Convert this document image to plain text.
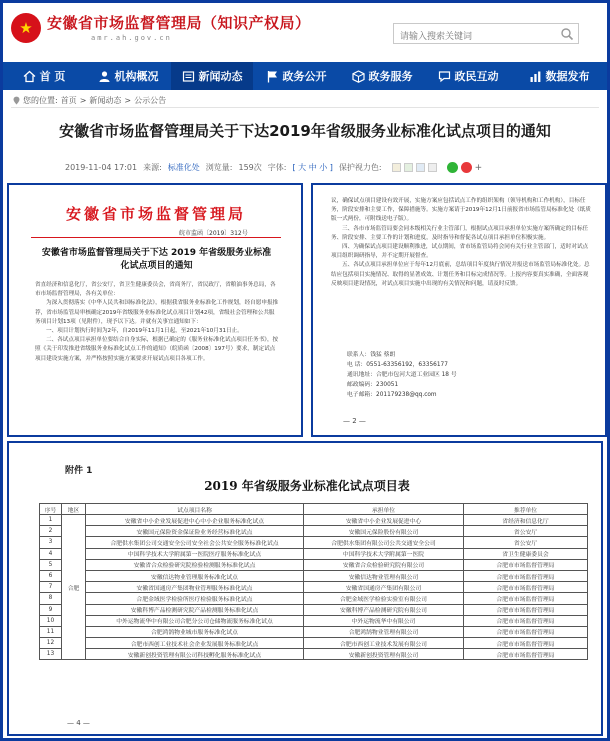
★ 安徽省市场监督管理局（知识产权局）
amr.ah.gov.cn
请输入搜索关键词
首 页	机构概况	新闻动态	政务公开	政务服务	政民互动	数据发布
您的位置: 首页 > 新闻动态 > 公示公告
安徽省市场监督管理局关于下达2019年省级服务业标准化试点项目的通知
2019-11-04 17:01 来源: 标准化处 浏览量: 159次 字体: [ 大 中 小 ] 保护视力色:	+
安徽省市场监督管理局
皖市监函〔2019〕312号
安徽省市场监督管理局关于下达 2019 年省级服务业标准化试点项目的通知

省直经济和信息化厅，省公安厅，省卫生健康委员会，省商务厅，省民政厅，省粮油事务总局，各市市场监督管理局，各有关单位：

为深入贯彻落实《中华人民共和国标准化法》，根据我省服务业标准化工作规划，经自愿申报推荐，省市场监管局审核确定2019年省级服务业标准化试点项目计划42项，省级社会管理和公共服务项目计划13项（见附件），现予以下达。并就有关事宜通知如下：

一、项目计划执行时间为2年，自2019年11月1日起，至2021年10月31日止。

二、各试点项目承担单位要结合自身实际，根据已确定的《服务业标准化试点项目任务书》，按照《关于印发推进省级服务业标准化试点工作的通知》（皖质函〔2008〕197号）要求，制定试点项目建设实施方案，并严格按照实施方案要求开展试点项目各项工作。

议，确保试点项目建设有效开展，实施方案应包括试点工作的组织架构（领导机构和工作机构），目标任务，阶段安排和主要工作，保障措施等。实施方案请于2019年12月1日前报省市场监管局标准化处（纸质版一式两份，可附线送电子版）。

三、各市市场监管局要会同本级相关行业主管部门，根据试点项目承担单位实施方案所确定的目标任务、阶段安排、主要工作的计划和进度，及时指导和督促各试点项目承担单位积极实施。

四、为确保试点项目建设顺利推进，试点期间，省市场监管局将会同有关行业主管部门，适时对试点项目组织调研指导，并不定期开展督查。

五、各试点项目承担单位应于每年12月底前，总结项目年度执行情况并报送市场监管局标准化处。总结应包括项目实施情况、取得的显著成效、计划任务和目标完成情况等。上报内容要真实准确，全面客观反映项目建设情况，对试点项目实施中出现的有关情况和问题，请及时反馈。

联系人：钱猛 蔡朗
电 话：0551-63356192，63356177
通讯地址：合肥市包河大道工业园区 18 号
邮政编码：230051
电子邮箱：201179238@qq.com
— 2 —
附件 1
2019 年省级服务业标准化试点项目表
序号	地区	试点项目名称	承担单位	推荐单位
1	合肥	安徽省中小企业发展促进中心中小企业服务标准化试点	安徽省中小企业发展促进中心	省经济和信息化厅
2		安徽国元保险资金保证险业务经营标准化试点	安徽国元保险股份有限公司	省公安厅
3		合肥供水集团公司交通安全公司安全社会公共安全服务标准化试点	合肥供水集团有限公司公共交通安全公司	省公安厅
4		中国科学技术大学附属第一医院医疗服务标准化试点	中国科学技术大学附属第一医院	省卫生健康委员会
5		安徽省合众检验研究院检验检测服务标准化试点	安徽省合众检验研究院有限公司	合肥市市场监督管理局
6		安徽信达物业管理服务标准化试点	安徽信达物业管理有限公司	合肥市市场监督管理局
7		安徽省国通房产集团物业管理服务标准化试点	安徽省国通房产集团有限公司	合肥市市场监督管理局
8		合肥金域医学检验所医疗检验服务标准化试点	合肥金域医学检验实验室有限公司	合肥市市场监督管理局
9		安徽科博产品检测研究院产品检测服务标准化试点	安徽科博产品检测研究院有限公司	合肥市市场监督管理局
10		中外运物流华中有限公司合肥分公司仓储物流服务标准化试点	中外运物流华中有限公司	合肥市市场监督管理局
11		合肥鸿鹄物业城市服务标准化试点	合肥鸿鹄物业管理有限公司	合肥市市场监督管理局
12		合肥市西创工业技术社会企业发展服务标准化试点	合肥市西创工业技术发展有限公司	合肥市市场监督管理局
13		安徽新创投资管理有限公司科技孵化服务标准化试点	安徽新创投资管理有限公司	合肥市市场监督管理局
— 4 —
